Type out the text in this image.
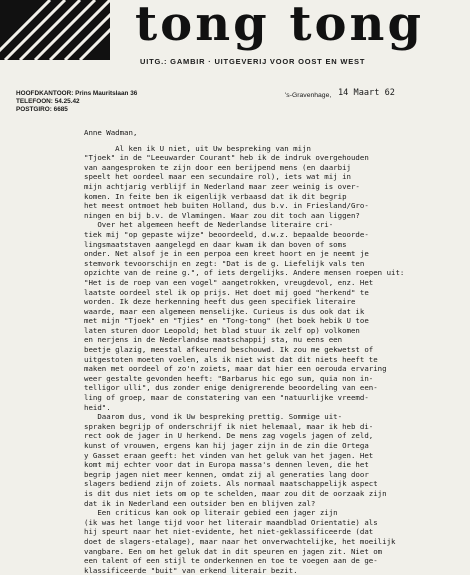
tong tong
UITG.: GAMBIR · UITGEVERIJ VOOR OOST EN WEST
HOOFDKANTOOR: Prins Mauritslaan 36
TELEFOON: 54.25.42
POSTGIRO: 6685
's-Gravenhage, 14 Maart 62
Anne Wadman,
Al ken ik U niet, uit Uw bespreking van mijn
"Tjoek" in de "Leeuwarder Courant" heb ik de indruk overgehouden
van aangesproken te zijn door een berijpend mens (en daarbij
speelt het oordeel maar een secundaire rol), iets wat mij in
mijn achtjarig verblijf in Nederland maar zeer weinig is over-
komen. In feite ben ik eigenlijk verbaasd dat ik dit begrip
het meest ontmoet heb buiten Holland, dus b.v. in Friesland/Gro-
ningen en bij b.v. de Vlamingen. Waar zou dit toch aan liggen?
Over het algemeen heeft de Nederlandse literaire cri-
tiek mij "op gepaste wijze" beoordeeld, d.w.z. bepaalde beoorde-
lingsmaatstaven aangelegd en daar kwam ik dan boven of soms
onder. Net alsof je in een perpoa een kreet hoort en je neemt je
stemvork tevoorschijn en zegt: "Dat is de g. Liefelijk vals ten
opzichte van de reine g.", of iets dergelijks. Andere mensen roepen uit:
"Het is de roep van een vogel" aangetrokken, vreugdevol, enz. Het
laatste oordeel stel ik op prijs. Het doet mij goed "herkend" te
worden. Ik deze herkenning heeft dus geen specifiek literaire
waarde, maar een algemeen menselijke. Curieus is dus ook dat ik
met mijn "Tjoek" en "Tjies" en "Tong-tong" (het boek hebik U toe
laten sturen door Leopold; het blad stuur ik zelf op) volkomen
en nerjens in de Nederlandse maatschappij sta, nu eens een
beetje glazig, meestal afkeurend beschouwd. Ik zou me gekwetst of
uitgestoten moeten voelen, als ik niet wist dat dit niets heeft te
maken met oordeel of zo'n zoiets, maar dat hier een oerouda ervaring
weer gestalte gevonden heeft: "Barbarus hic ego sum, quia non in-
telligor ulli", dus zonder enige denigrerende beoordeling van een-
ling of groep, maar de constatering van een "natuurlijke vreemd-
heid".
Daarom dus, vond ik Uw bespreking prettig. Sommige uit-
spraken begrijp of onderschrijf ik niet helemaal, maar ik heb di-
rect ook de jager in U herkend. De mens zag vogels jagen of zeld,
kunst of vrouwen, ergens kan hij jager zijn in de zin die Ortega
y Gasset eraan geeft: het vinden van het geluk van het jagen. Het
komt mij echter voor dat in Europa massa's dennen leven, die het
begrip jagen niet meer kennen, omdat zij al generaties lang door
slagers bediend zijn of zoiets. Als normaal maatschappelijk aspect
is dit dus niet iets om op te schelden, maar zou dit de oorzaak zijn
dat ik in Nederland een outsider ben en blijven zal?
Een criticus kan ook op literair gebied een jager zijn
(ik was het lange tijd voor het literair maandblad Orientatie) als
hij speurt naar het niet-evidente, het niet-geklassificeerde (dat
doet de slagers-etalage), maar naar het onverwachtelijke, het moeilijk
vangbare. Een om het geluk dat in dit speuren en jagen zit. Niet om
een talent of een stijl te onderkennen en toe te voegen aan de ge-
klassificeerde "buit" van erkend literair bezit.
